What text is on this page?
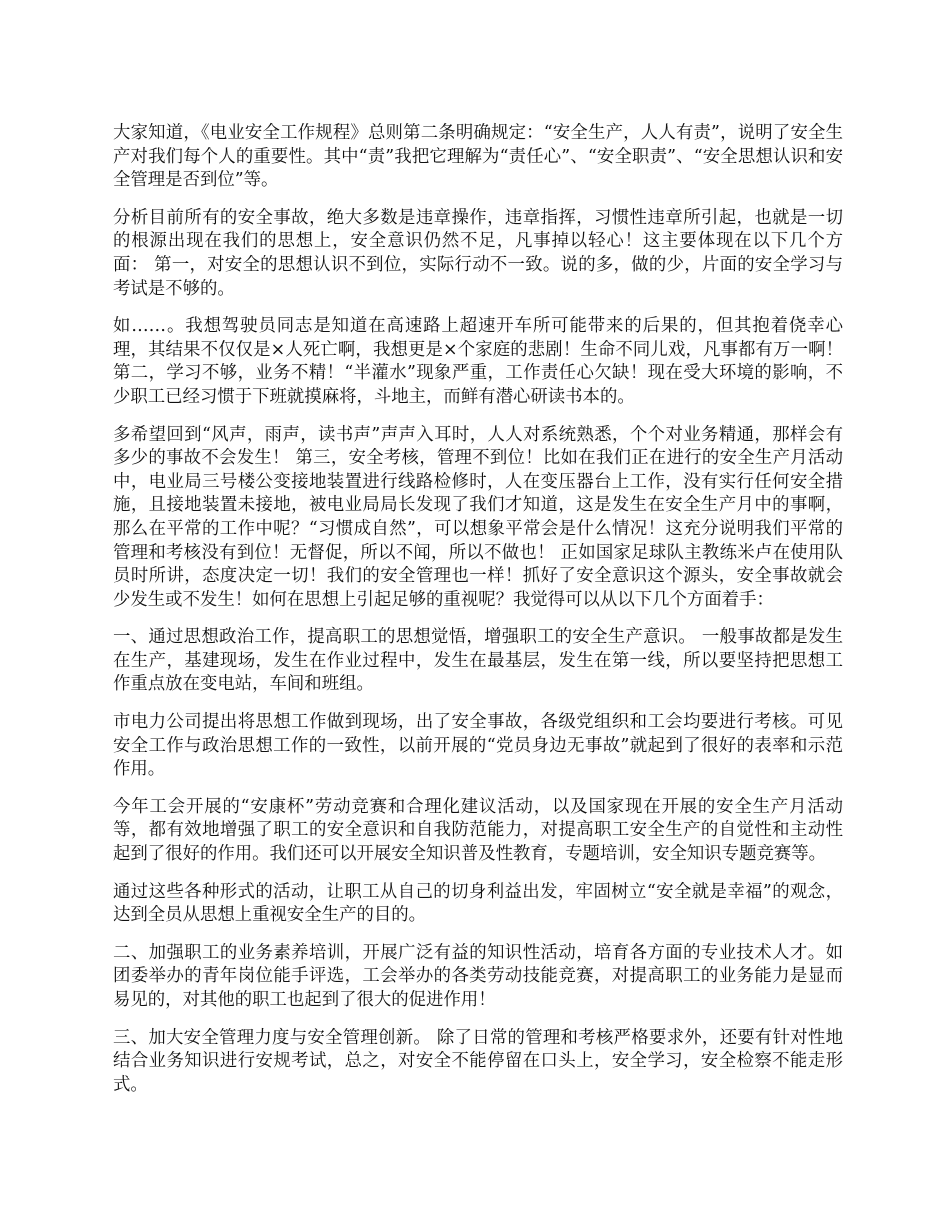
大家知道，《电业安全工作规程》总则第二条明确规定：“安全生产，人人有责”，说明了安全生产对我们每个人的重要性。其中“责”我把它理解为“责任心”、“安全职责”、“安全思想认识和安全管理是否到位”等。

分析目前所有的安全事故，绝大多数是违章操作，违章指挥，习惯性违章所引起，也就是一切的根源出现在我们的思想上，安全意识仍然不足，凡事掉以轻心！这主要体现在以下几个方面： 第一，对安全的思想认识不到位，实际行动不一致。说的多，做的少，片面的安全学习与考试是不够的。

如……。我想驾驶员同志是知道在高速路上超速开车所可能带来的后果的，但其抱着侥幸心理，其结果不仅仅是×人死亡啊，我想更是×个家庭的悲剧！生命不同儿戏，凡事都有万一啊！ 第二，学习不够，业务不精！“半灌水”现象严重，工作责任心欠缺！现在受大环境的影响，不少职工已经习惯于下班就摸麻将，斗地主，而鲜有潜心研读书本的。

多希望回到“风声，雨声，读书声”声声入耳时，人人对系统熟悉，个个对业务精通，那样会有多少的事故不会发生！ 第三，安全考核，管理不到位！比如在我们正在进行的安全生产月活动中，电业局三号楼公变接地装置进行线路检修时，人在变压器台上工作，没有实行任何安全措施，且接地装置未接地，被电业局局长发现了我们才知道，这是发生在安全生产月中的事啊，那么在平常的工作中呢？“习惯成自然”，可以想象平常会是什么情况！这充分说明我们平常的管理和考核没有到位！无督促，所以不闻，所以不做也！ 正如国家足球队主教练米卢在使用队员时所讲，态度决定一切！我们的安全管理也一样！抓好了安全意识这个源头，安全事故就会少发生或不发生！如何在思想上引起足够的重视呢？我觉得可以从以下几个方面着手：

一、通过思想政治工作，提高职工的思想觉悟，增强职工的安全生产意识。 一般事故都是发生在生产，基建现场，发生在作业过程中，发生在最基层，发生在第一线，所以要坚持把思想工作重点放在变电站，车间和班组。

市电力公司提出将思想工作做到现场，出了安全事故，各级党组织和工会均要进行考核。可见安全工作与政治思想工作的一致性，以前开展的“党员身边无事故”就起到了很好的表率和示范作用。

今年工会开展的“安康杯”劳动竞赛和合理化建议活动，以及国家现在开展的安全生产月活动等，都有效地增强了职工的安全意识和自我防范能力，对提高职工安全生产的自觉性和主动性起到了很好的作用。我们还可以开展安全知识普及性教育，专题培训，安全知识专题竞赛等。

通过这些各种形式的活动，让职工从自己的切身利益出发，牢固树立“安全就是幸福”的观念，达到全员从思想上重视安全生产的目的。

二、加强职工的业务素养培训，开展广泛有益的知识性活动，培育各方面的专业技术人才。如团委举办的青年岗位能手评选，工会举办的各类劳动技能竞赛，对提高职工的业务能力是显而易见的，对其他的职工也起到了很大的促进作用！

三、加大安全管理力度与安全管理创新。 除了日常的管理和考核严格要求外，还要有针对性地结合业务知识进行安规考试，总之，对安全不能停留在口头上，安全学习，安全检察不能走形式。
